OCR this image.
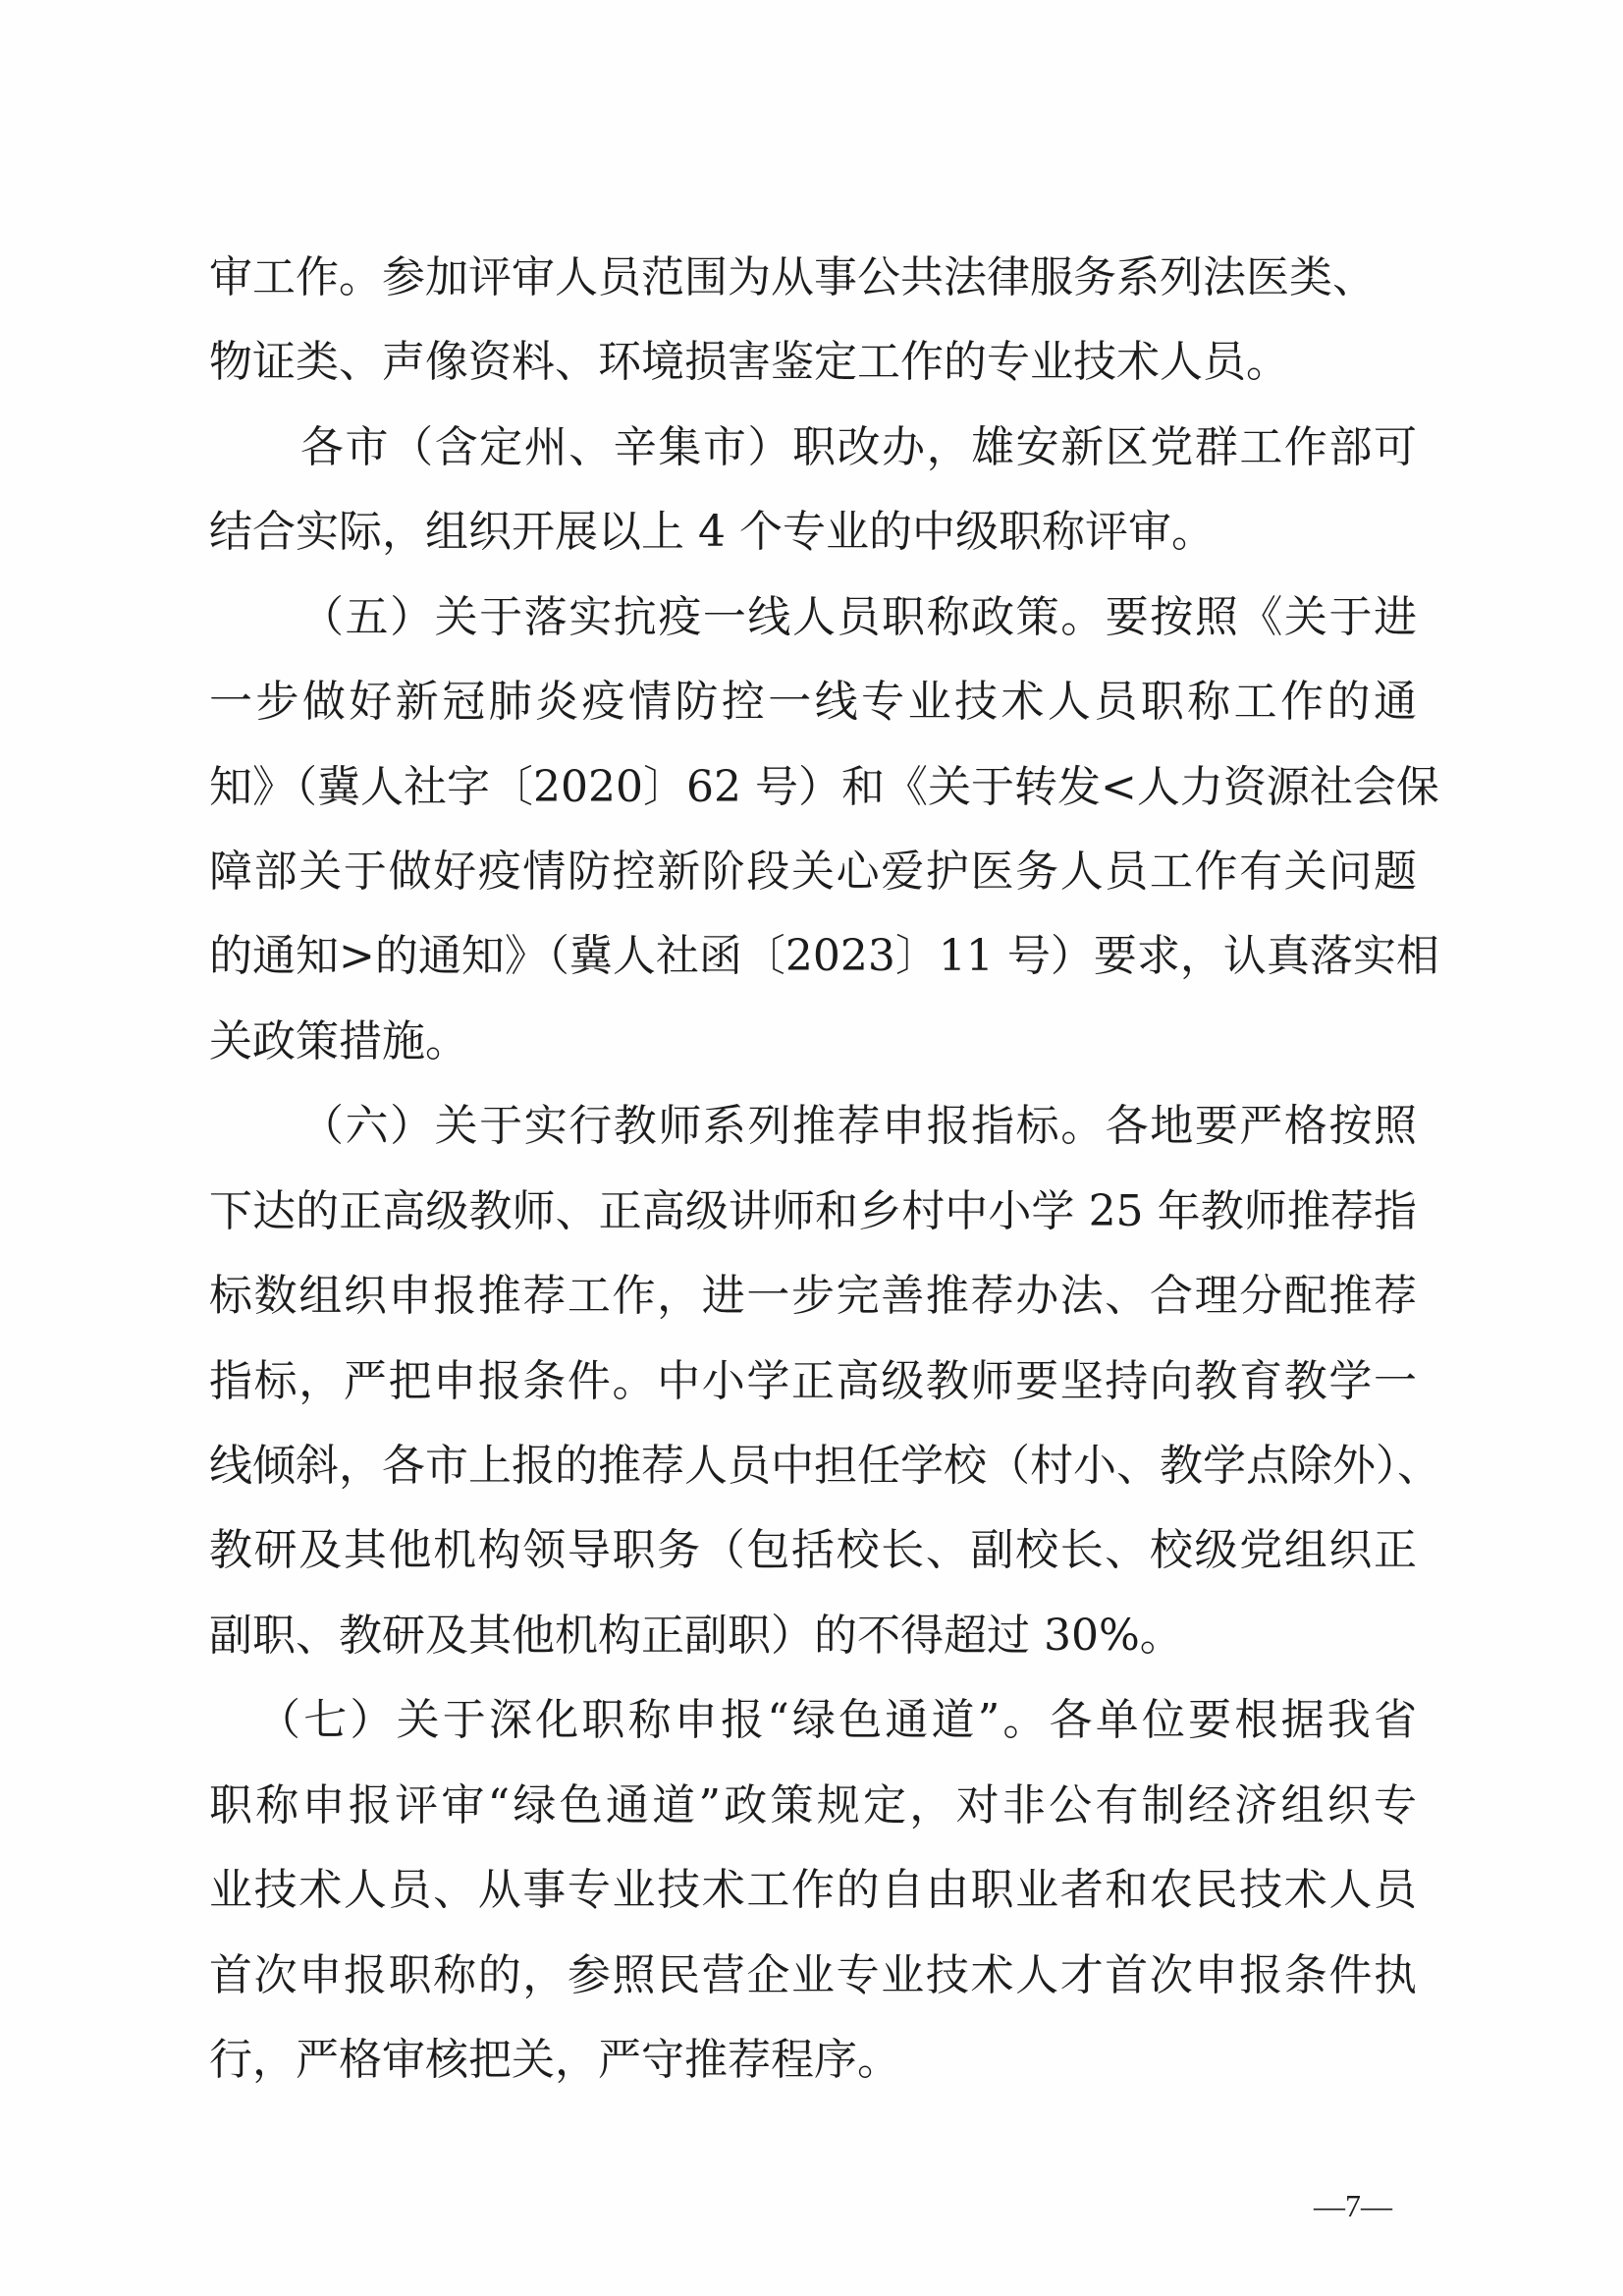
审工作。参加评审人员范围为从事公共法律服务系列法医类、
物证类、声像资料、环境损害鉴定工作的专业技术人员。
各市（含定州、辛集市）职改办，雄安新区党群工作部可
结合实际，组织开展以上 4 个专业的中级职称评审。
（五）关于落实抗疫一线人员职称政策。要按照《关于进
一步做好新冠肺炎疫情防控一线专业技术人员职称工作的通
知》（冀人社字〔2020〕62 号）和《关于转发<人力资源社会保
障部关于做好疫情防控新阶段关心爱护医务人员工作有关问题
的通知>的通知》（冀人社函〔2023〕11 号）要求，认真落实相
关政策措施。
（六）关于实行教师系列推荐申报指标。各地要严格按照
下达的正高级教师、正高级讲师和乡村中小学 25 年教师推荐指
标数组织申报推荐工作，进一步完善推荐办法、合理分配推荐
指标，严把申报条件。中小学正高级教师要坚持向教育教学一
线倾斜，各市上报的推荐人员中担任学校（村小、教学点除外）、
教研及其他机构领导职务（包括校长、副校长、校级党组织正
副职、教研及其他机构正副职）的不得超过 30%。
（七）关于深化职称申报“绿色通道”。各单位要根据我省
职称申报评审“绿色通道”政策规定，对非公有制经济组织专
业技术人员、从事专业技术工作的自由职业者和农民技术人员
首次申报职称的，参照民营企业专业技术人才首次申报条件执
行，严格审核把关，严守推荐程序。
—7—
